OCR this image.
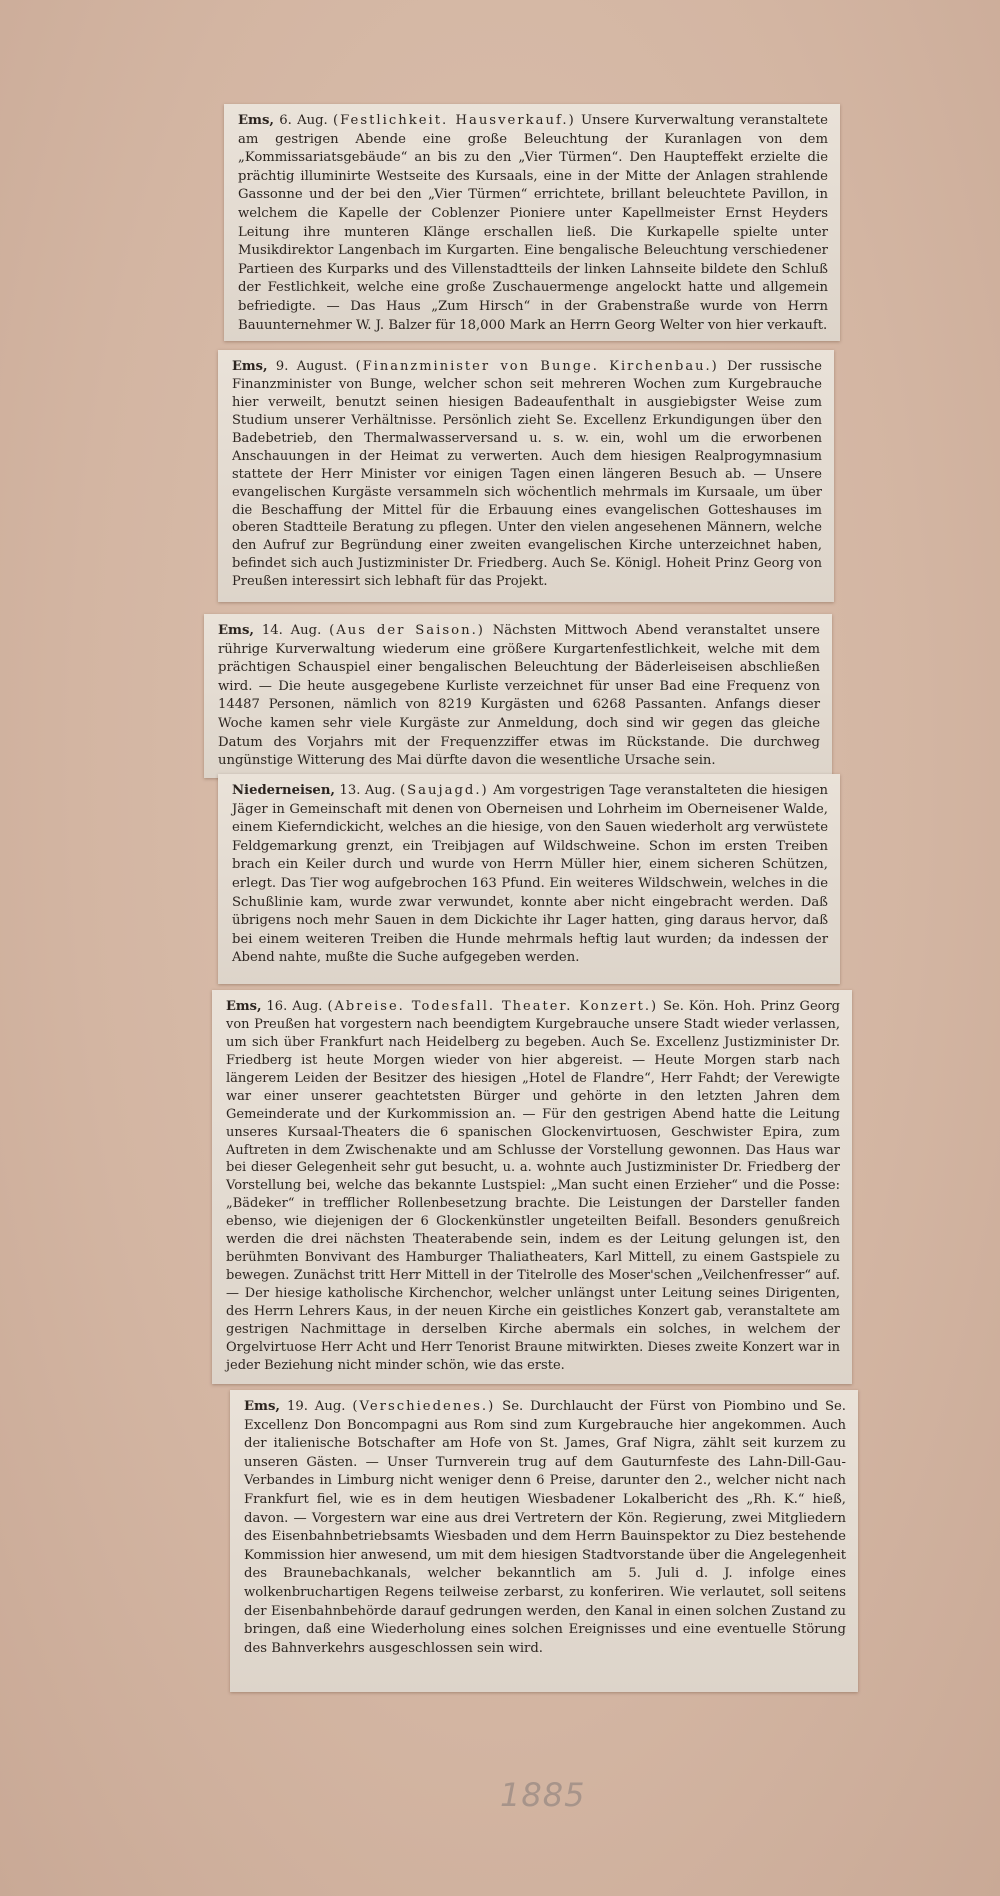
Ems, 6. Aug. (Festlichkeit. Hausverkauf.) Unsere Kurverwaltung veranstaltete am gestrigen Abende eine große Beleuchtung der Kuranlagen von dem „Kommissariatsgebäude“ an bis zu den „Vier Türmen“. Den Haupteffekt erzielte die prächtig illuminirte Westseite des Kursaals, eine in der Mitte der Anlagen strahlende Gassonne und der bei den „Vier Türmen“ errichtete, brillant beleuchtete Pavillon, in welchem die Kapelle der Coblenzer Pioniere unter Kapellmeister Ernst Heyders Leitung ihre munteren Klänge erschallen ließ. Die Kurkapelle spielte unter Musikdirektor Langenbach im Kurgarten. Eine bengalische Beleuchtung verschiedener Partieen des Kurparks und des Villenstadtteils der linken Lahnseite bildete den Schluß der Festlichkeit, welche eine große Zuschauermenge angelockt hatte und allgemein befriedigte. — Das Haus „Zum Hirsch“ in der Grabenstraße wurde von Herrn Bauunternehmer W. J. Balzer für 18,000 Mark an Herrn Georg Welter von hier verkauft.

Ems, 9. August. (Finanzminister von Bunge. Kirchenbau.) Der russische Finanzminister von Bunge, welcher schon seit mehreren Wochen zum Kurgebrauche hier verweilt, benutzt seinen hiesigen Badeaufenthalt in ausgiebigster Weise zum Studium unserer Verhältnisse. Persönlich zieht Se. Excellenz Erkundigungen über den Badebetrieb, den Thermalwasserversand u. s. w. ein, wohl um die erworbenen Anschauungen in der Heimat zu verwerten. Auch dem hiesigen Realprogymnasium stattete der Herr Minister vor einigen Tagen einen längeren Besuch ab. — Unsere evangelischen Kurgäste versammeln sich wöchentlich mehrmals im Kursaale, um über die Beschaffung der Mittel für die Erbauung eines evangelischen Gotteshauses im oberen Stadtteile Beratung zu pflegen. Unter den vielen angesehenen Männern, welche den Aufruf zur Begründung einer zweiten evangelischen Kirche unterzeichnet haben, befindet sich auch Justizminister Dr. Friedberg. Auch Se. Königl. Hoheit Prinz Georg von Preußen interessirt sich lebhaft für das Projekt.

Ems, 14. Aug. (Aus der Saison.) Nächsten Mittwoch Abend veranstaltet unsere rührige Kurverwaltung wiederum eine größere Kurgartenfestlichkeit, welche mit dem prächtigen Schauspiel einer bengalischen Beleuchtung der Bäderleiseisen abschließen wird. — Die heute ausgegebene Kurliste verzeichnet für unser Bad eine Frequenz von 14487 Personen, nämlich von 8219 Kurgästen und 6268 Passanten. Anfangs dieser Woche kamen sehr viele Kurgäste zur Anmeldung, doch sind wir gegen das gleiche Datum des Vorjahrs mit der Frequenzziffer etwas im Rückstande. Die durchweg ungünstige Witterung des Mai dürfte davon die wesentliche Ursache sein.

Niederneisen, 13. Aug. (Saujagd.) Am vorgestrigen Tage veranstalteten die hiesigen Jäger in Gemeinschaft mit denen von Oberneisen und Lohrheim im Oberneisener Walde, einem Kieferndickicht, welches an die hiesige, von den Sauen wiederholt arg verwüstete Feldgemarkung grenzt, ein Treibjagen auf Wildschweine. Schon im ersten Treiben brach ein Keiler durch und wurde von Herrn Müller hier, einem sicheren Schützen, erlegt. Das Tier wog aufgebrochen 163 Pfund. Ein weiteres Wildschwein, welches in die Schußlinie kam, wurde zwar verwundet, konnte aber nicht eingebracht werden. Daß übrigens noch mehr Sauen in dem Dickichte ihr Lager hatten, ging daraus hervor, daß bei einem weiteren Treiben die Hunde mehrmals heftig laut wurden; da indessen der Abend nahte, mußte die Suche aufgegeben werden.

Ems, 16. Aug. (Abreise. Todesfall. Theater. Konzert.) Se. Kön. Hoh. Prinz Georg von Preußen hat vorgestern nach beendigtem Kurgebrauche unsere Stadt wieder verlassen, um sich über Frankfurt nach Heidelberg zu begeben. Auch Se. Excellenz Justizminister Dr. Friedberg ist heute Morgen wieder von hier abgereist. — Heute Morgen starb nach längerem Leiden der Besitzer des hiesigen „Hotel de Flandre“, Herr Fahdt; der Verewigte war einer unserer geachtetsten Bürger und gehörte in den letzten Jahren dem Gemeinderate und der Kurkommission an. — Für den gestrigen Abend hatte die Leitung unseres Kursaal-Theaters die 6 spanischen Glockenvirtuosen, Geschwister Epira, zum Auftreten in dem Zwischenakte und am Schlusse der Vorstellung gewonnen. Das Haus war bei dieser Gelegenheit sehr gut besucht, u. a. wohnte auch Justizminister Dr. Friedberg der Vorstellung bei, welche das bekannte Lustspiel: „Man sucht einen Erzieher“ und die Posse: „Bädeker“ in trefflicher Rollenbesetzung brachte. Die Leistungen der Darsteller fanden ebenso, wie diejenigen der 6 Glockenkünstler ungeteilten Beifall. Besonders genußreich werden die drei nächsten Theaterabende sein, indem es der Leitung gelungen ist, den berühmten Bonvivant des Hamburger Thaliatheaters, Karl Mittell, zu einem Gastspiele zu bewegen. Zunächst tritt Herr Mittell in der Titelrolle des Moser'schen „Veilchenfresser“ auf. — Der hiesige katholische Kirchenchor, welcher unlängst unter Leitung seines Dirigenten, des Herrn Lehrers Kaus, in der neuen Kirche ein geistliches Konzert gab, veranstaltete am gestrigen Nachmittage in derselben Kirche abermals ein solches, in welchem der Orgelvirtuose Herr Acht und Herr Tenorist Braune mitwirkten. Dieses zweite Konzert war in jeder Beziehung nicht minder schön, wie das erste.

Ems, 19. Aug. (Verschiedenes.) Se. Durchlaucht der Fürst von Piombino und Se. Excellenz Don Boncompagni aus Rom sind zum Kurgebrauche hier angekommen. Auch der italienische Botschafter am Hofe von St. James, Graf Nigra, zählt seit kurzem zu unseren Gästen. — Unser Turnverein trug auf dem Gauturnfeste des Lahn-Dill-Gau-Verbandes in Limburg nicht weniger denn 6 Preise, darunter den 2., welcher nicht nach Frankfurt fiel, wie es in dem heutigen Wiesbadener Lokalbericht des „Rh. K.“ hieß, davon. — Vorgestern war eine aus drei Vertretern der Kön. Regierung, zwei Mitgliedern des Eisenbahnbetriebsamts Wiesbaden und dem Herrn Bauinspektor zu Diez bestehende Kommission hier anwesend, um mit dem hiesigen Stadtvorstande über die Angelegenheit des Braunebachkanals, welcher bekanntlich am 5. Juli d. J. infolge eines wolkenbruchartigen Regens teilweise zerbarst, zu konferiren. Wie verlautet, soll seitens der Eisenbahnbehörde darauf gedrungen werden, den Kanal in einen solchen Zustand zu bringen, daß eine Wiederholung eines solchen Ereignisses und eine eventuelle Störung des Bahnverkehrs ausgeschlossen sein wird.

1885
